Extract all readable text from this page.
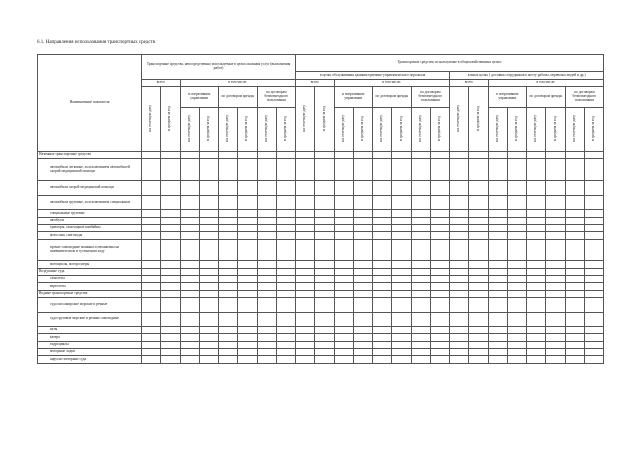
6.1. Направления использования транспортных средств
Наименование показателя	Транспортные средства, непосредственно используемые в целях оказания услуг (выполнения работ)								Транспортные средства, используемые в общехозяйственных целях:															
									в целях обслуживания административно-управленческого персонала								в иных целях ( доставка сотрудников к месту работы, перевозка людей и др.)							
	всего		в том числе:						всего		в том числе:						всего		в том числе:					
	на отчетную дату	в среднем за год	в оперативном управлении		по договорам аренды		по договорам безвозмездного пользования		на отчетную дату	в среднем за год	в оперативном управлении		по договорам аренды		по договорам безвозмездного пользования		на отчетную дату	в среднем за год	в оперативном управлении		по договорам аренды		по договорам безвозмездного пользования	
			на отчетную дату	в среднем за год	на отчетную дату	в среднем за год	на отчетную дату	в среднем за год			на отчетную дату	в среднем за год	на отчетную дату	в среднем за год	на отчетную дату	в среднем за год			на отчетную дату	в среднем за год	на отчетную дату	в среднем за год	на отчетную дату	в среднем за год
Наземные транспортные средства																								
автомобили легковые, за исключением автомобилей скорой медицинской помощи																								
автомобили скорой медицинской помощи																								
автомобили грузовые, за исключением специальных																								
специальные грузовые																								
автобусы																								
тракторы, самоходные комбайны																								
мотосани, снегоходы																								
прочие самоходные машины и механизмы на пневматическом и гусеничном ходу																								
мотоциклы, мотороллеры																								
Воздушные суда																								
самолеты																								
вертолеты																								
Водные транспортные средства																								
суда пассажирские морские и речные																								
суда грузовые морские и речные самоходные																								
яхты																								
катера																								
гидроциклы																								
моторные лодки																								
парусно-моторные суда																								
